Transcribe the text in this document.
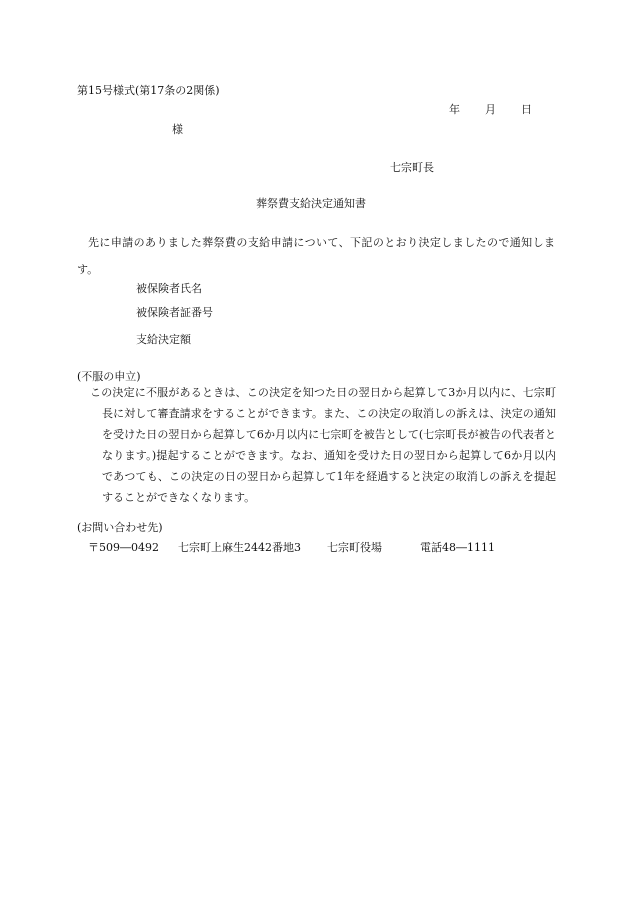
第15号様式(第17条の2関係)
年 月 日
様
七宗町長
葬祭費支給決定通知書
先に申請のありました葬祭費の支給申請について、下記のとおり決定しましたので通知します。
被保険者氏名
被保険者証番号
支給決定額
(不服の申立)
この決定に不服があるときは、この決定を知つた日の翌日から起算して3か月以内に、七宗町長に対して審査請求をすることができます。また、この決定の取消しの訴えは、決定の通知を受けた日の翌日から起算して6か月以内に七宗町を被告として(七宗町長が被告の代表者となります。)提起することができます。なお、通知を受けた日の翌日から起算して6か月以内であつても、この決定の日の翌日から起算して1年を経過すると決定の取消しの訴えを提起することができなくなります。
(お問い合わせ先)
〒509―0492 七宗町上麻生2442番地3 七宗町役場	電話48―1111
